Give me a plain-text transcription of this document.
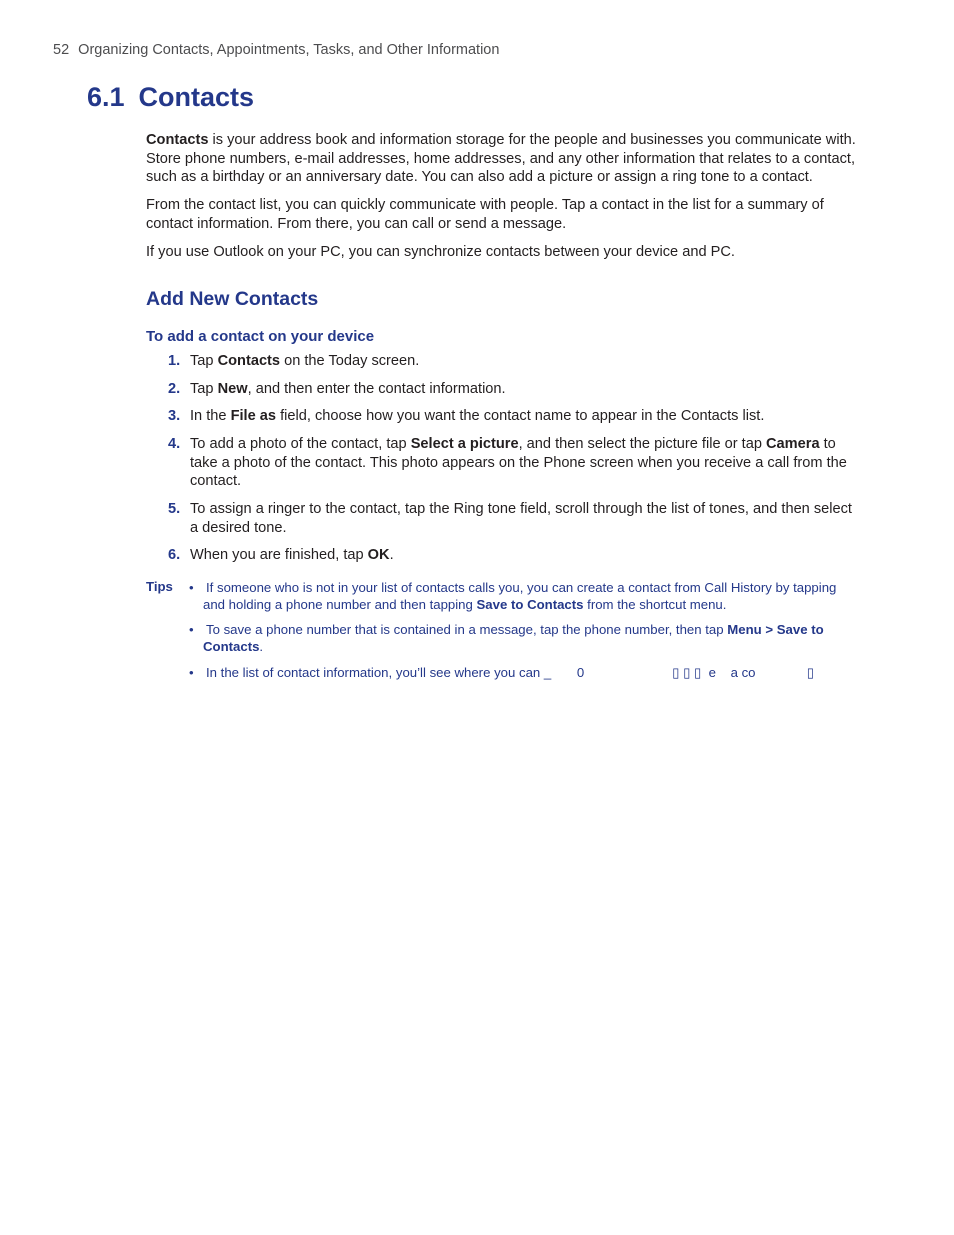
52 Organizing Contacts, Appointments, Tasks, and Other Information
6.1 Contacts

Contacts is your address book and information storage for the people and businesses you communicate with. Store phone numbers, e-mail addresses, home addresses, and any other information that relates to a contact, such as a birthday or an anniversary date. You can also add a picture or assign a ring tone to a contact.

From the contact list, you can quickly communicate with people. Tap a contact in the list for a summary of contact information. From there, you can call or send a message.

If you use Outlook on your PC, you can synchronize contacts between your device and PC.

Add New Contacts
To add a contact on your device
1. Tap Contacts on the Today screen.
2. Tap New, and then enter the contact information.
3. In the File as field, choose how you want the contact name to appear in the Contacts list.
4. To add a photo of the contact, tap Select a picture, and then select the picture file or tap Camera to take a photo of the contact. This photo appears on the Phone screen when you receive a call from the contact.
5. To assign a ringer to the contact, tap the Ring tone field, scroll through the list of tones, and then select a desired tone.
6. When you are finished, tap OK.
Tips • If someone who is not in your list of contacts calls you, you can create a contact from Call History by tapping and holding a phone number and then tapping Save to Contacts from the shortcut menu.
• To save a phone number that is contained in a message, tap the phone number, then tap Menu > Save to Contacts.
• In the list of contact information, you’ll see where you can _       0                        ▯ ▯ ▯  e    a co              ▯
